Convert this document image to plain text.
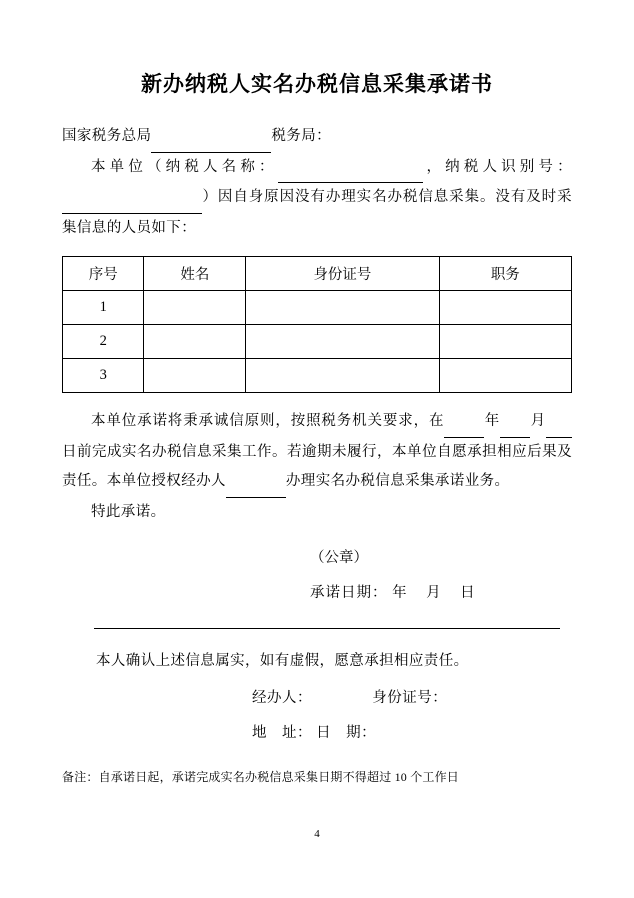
新办纳税人实名办税信息采集承诺书

国家税务总局	税务局：

本单位（纳税人名称：	，纳税人识别号： ）因自身原因没有办理实名办税信息采集。没有及时采集信息的人员如下：

序号	姓名	身份证号	职务
1			
2			
3			

本单位承诺将秉承诚信原则，按照税务机关要求，在	年 月 日前完成实名办税信息采集工作。若逾期未履行，本单位自愿承担相应后果及责任。本单位授权经办人	办理实名办税信息采集承诺业务。

特此承诺。

（公章）
承诺日期： 年 月 日
本人确认上述信息属实，如有虚假，愿意承担相应责任。
经办人：	身份证号：
地　址： 日　期：
备注：自承诺日起，承诺完成实名办税信息采集日期不得超过 10 个工作日
4
